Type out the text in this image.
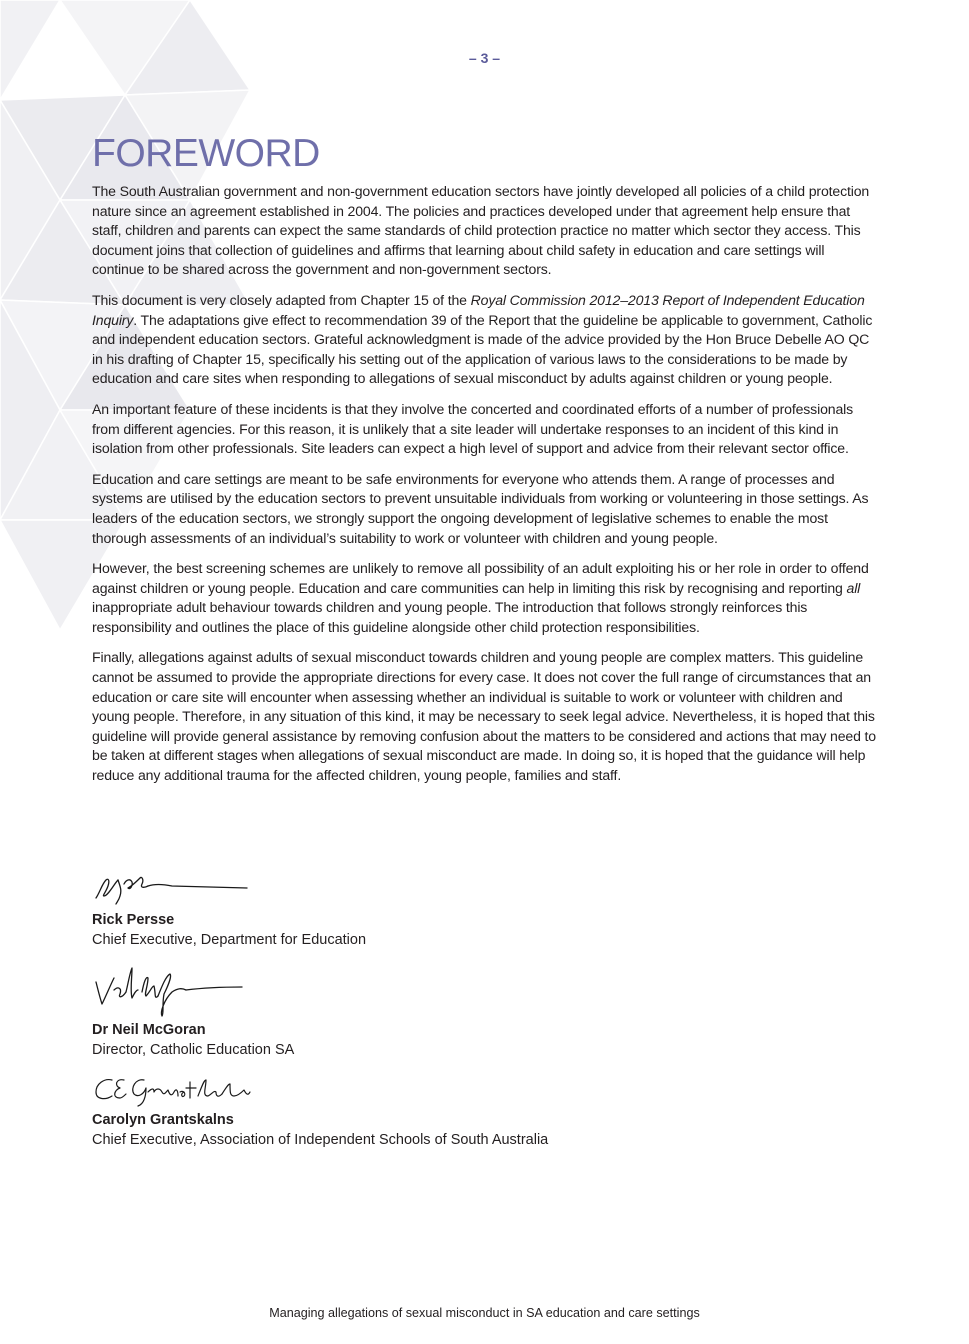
– 3 –
FOREWORD

The South Australian government and non-government education sectors have jointly developed all policies of a child protection nature since an agreement established in 2004. The policies and practices developed under that agreement help ensure that staff, children and parents can expect the same standards of child protection practice no matter which sector they access. This document joins that collection of guidelines and affirms that learning about child safety in education and care settings will continue to be shared across the government and non-government sectors.

This document is very closely adapted from Chapter 15 of the Royal Commission 2012–2013 Report of Independent Education Inquiry. The adaptations give effect to recommendation 39 of the Report that the guideline be applicable to government, Catholic and independent education sectors. Grateful acknowledgment is made of the advice provided by the Hon Bruce Debelle AO QC in his drafting of Chapter 15, specifically his setting out of the application of various laws to the considerations to be made by education and care sites when responding to allegations of sexual misconduct by adults against children or young people.

An important feature of these incidents is that they involve the concerted and coordinated efforts of a number of professionals from different agencies. For this reason, it is unlikely that a site leader will undertake responses to an incident of this kind in isolation from other professionals. Site leaders can expect a high level of support and advice from their relevant sector office.

Education and care settings are meant to be safe environments for everyone who attends them. A range of processes and systems are utilised by the education sectors to prevent unsuitable individuals from working or volunteering in those settings. As leaders of the education sectors, we strongly support the ongoing development of legislative schemes to enable the most thorough assessments of an individual’s suitability to work or volunteer with children and young people.

However, the best screening schemes are unlikely to remove all possibility of an adult exploiting his or her role in order to offend against children or young people. Education and care communities can help in limiting this risk by recognising and reporting all inappropriate adult behaviour towards children and young people. The introduction that follows strongly reinforces this responsibility and outlines the place of this guideline alongside other child protection responsibilities.

Finally, allegations against adults of sexual misconduct towards children and young people are complex matters. This guideline cannot be assumed to provide the appropriate directions for every case. It does not cover the full range of circumstances that an education or care site will encounter when assessing whether an individual is suitable to work or volunteer with children and young people. Therefore, in any situation of this kind, it may be necessary to seek legal advice. Nevertheless, it is hoped that this guideline will provide general assistance by removing confusion about the matters to be considered and actions that may need to be taken at different stages when allegations of sexual misconduct are made. In doing so, it is hoped that the guidance will help reduce any additional trauma for the affected children, young people, families and staff.

Rick Persse
Chief Executive, Department for Education
Dr Neil McGoran
Director, Catholic Education SA
Carolyn Grantskalns
Chief Executive, Association of Independent Schools of South Australia
Managing allegations of sexual misconduct in SA education and care settings
